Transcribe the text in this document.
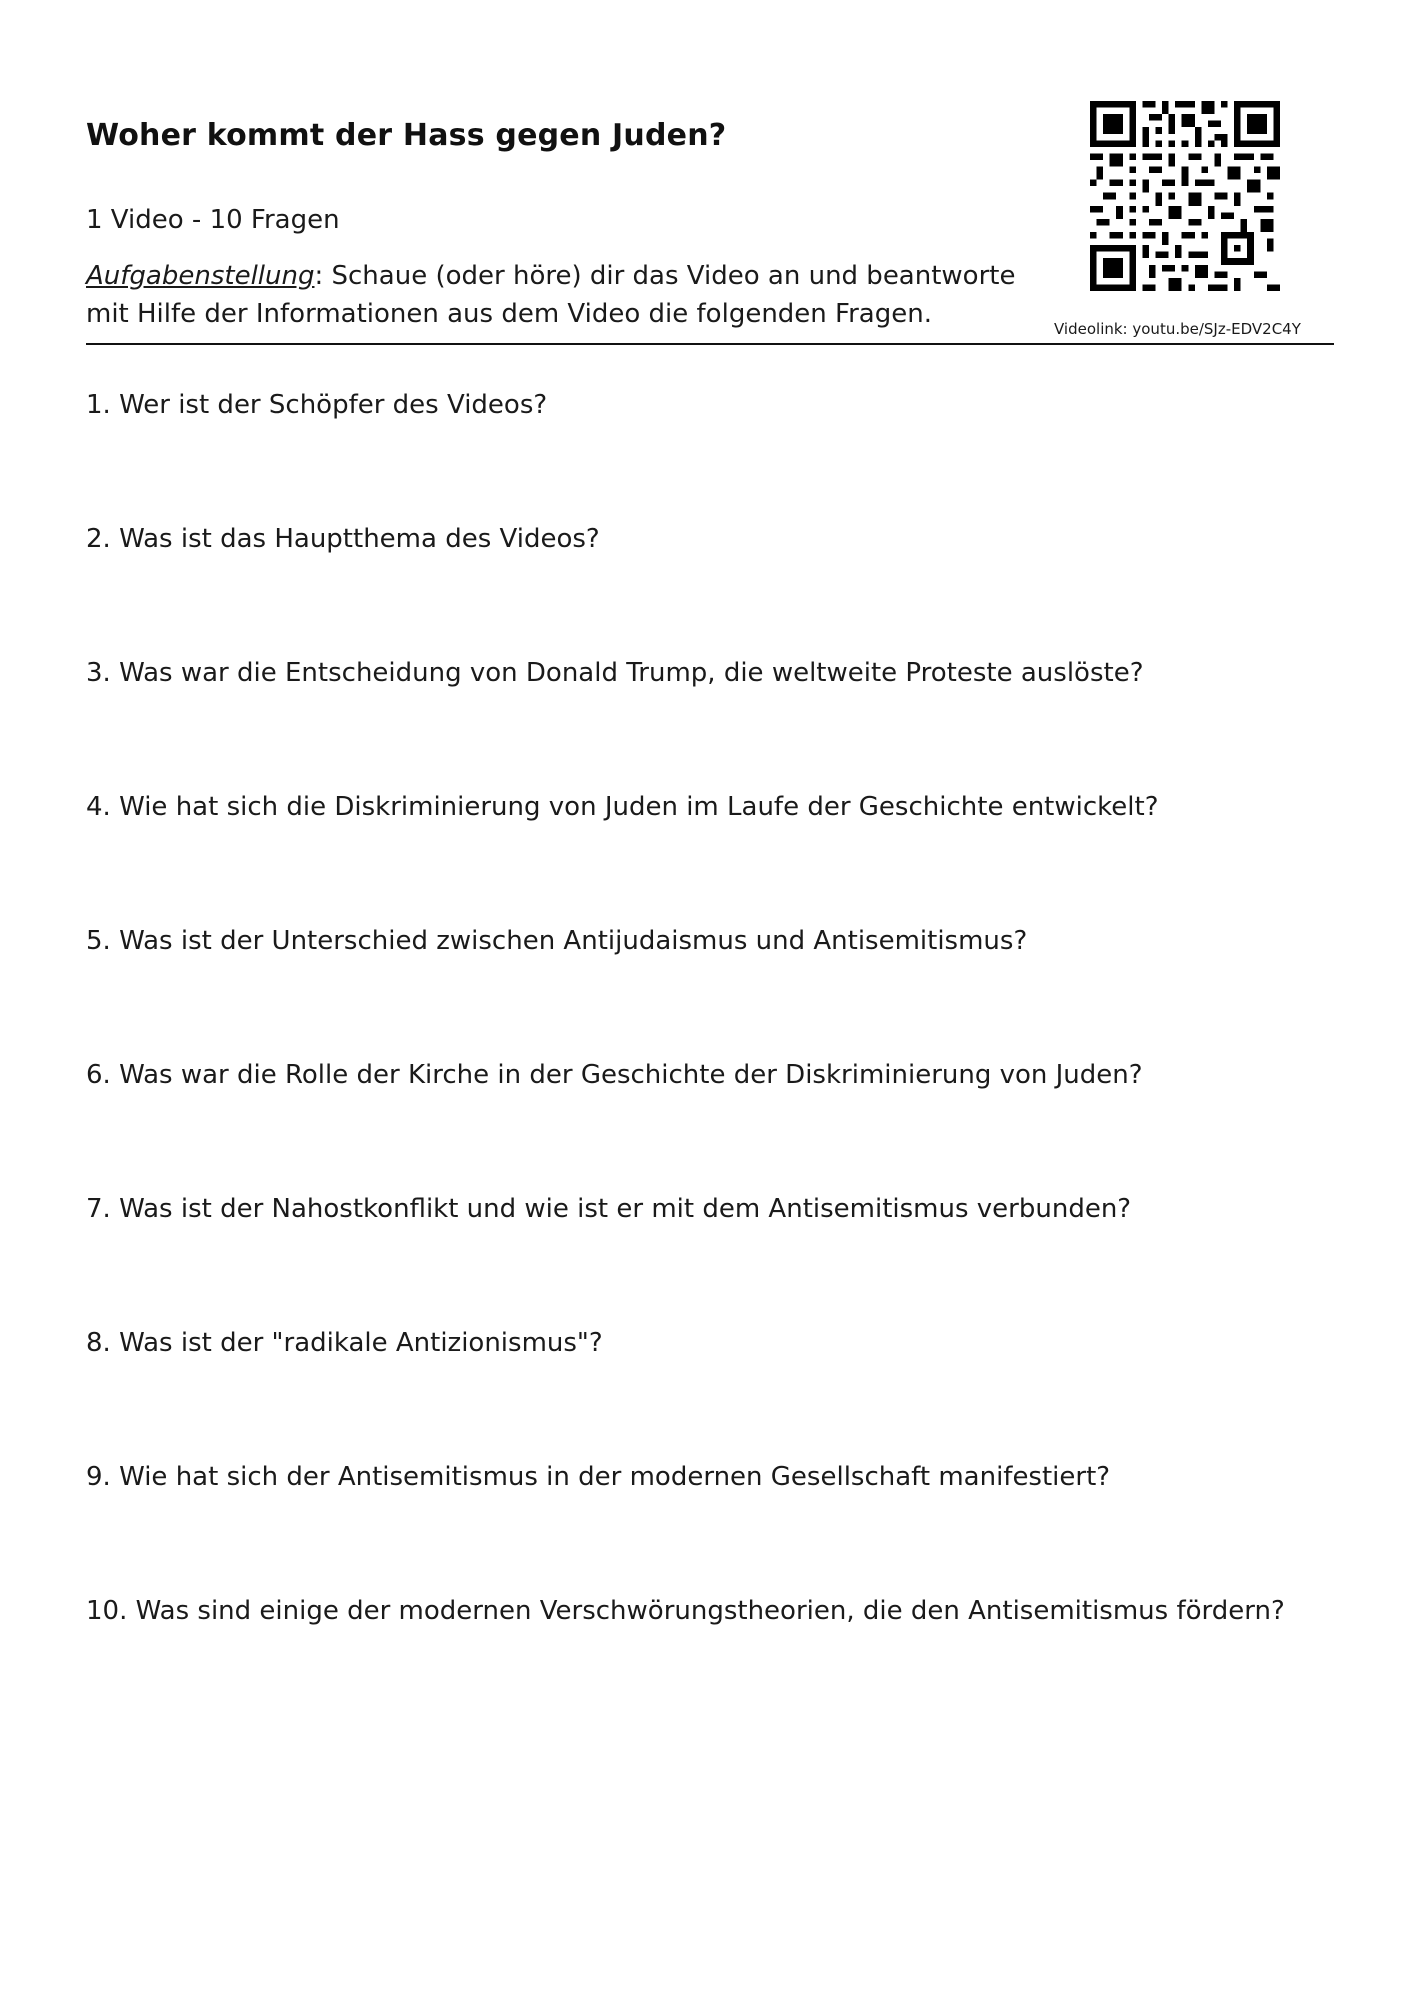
Woher kommt der Hass gegen Juden?
1 Video - 10 Fragen
Aufgabenstellung: Schaue (oder höre) dir das Video an und beantworte mit Hilfe der Informationen aus dem Video die folgenden Fragen.	Videolink: youtu.be/SJz-EDV2C4Y
1. Wer ist der Schöpfer des Videos?
2. Was ist das Hauptthema des Videos?
3. Was war die Entscheidung von Donald Trump, die weltweite Proteste auslöste?
4. Wie hat sich die Diskriminierung von Juden im Laufe der Geschichte entwickelt?
5. Was ist der Unterschied zwischen Antijudaismus und Antisemitismus?
6. Was war die Rolle der Kirche in der Geschichte der Diskriminierung von Juden?
7. Was ist der Nahostkonflikt und wie ist er mit dem Antisemitismus verbunden?
8. Was ist der "radikale Antizionismus"?
9. Wie hat sich der Antisemitismus in der modernen Gesellschaft manifestiert?
10. Was sind einige der modernen Verschwörungstheorien, die den Antisemitismus fördern?
